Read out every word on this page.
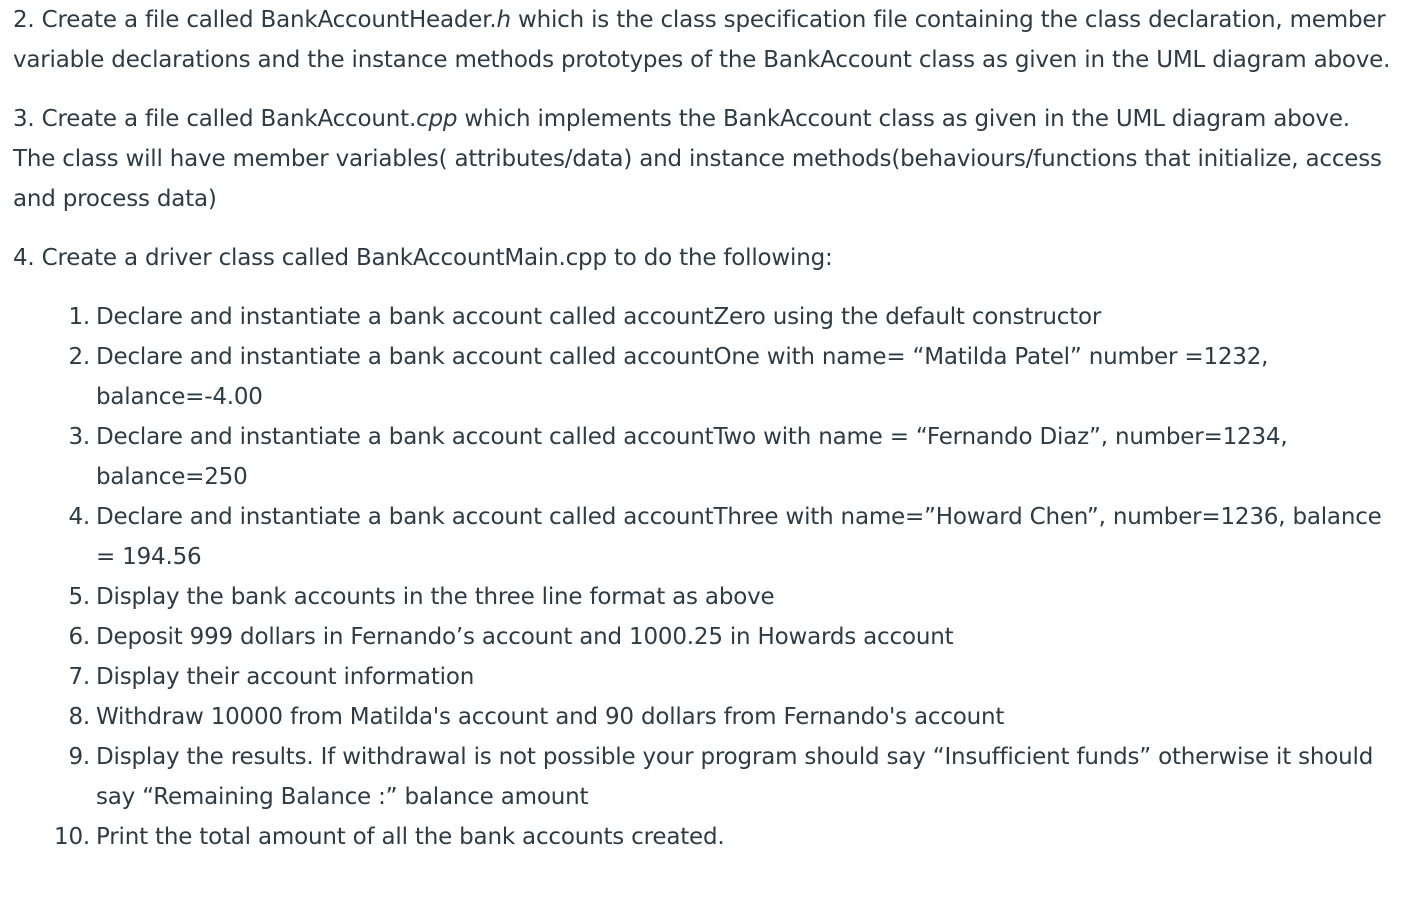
2. Create a file called BankAccountHeader.h which is the class specification file containing the class declaration, member variable declarations and the instance methods prototypes of the BankAccount class as given in the UML diagram above.

3. Create a file called BankAccount.cpp which implements the BankAccount class as given in the UML diagram above. The class will have member variables( attributes/data) and instance methods(behaviours/functions that initialize, access and process data)

4. Create a driver class called BankAccountMain.cpp to do the following:

1. Declare and instantiate a bank account called accountZero using the default constructor
2. Declare and instantiate a bank account called accountOne with name= “Matilda Patel” number =1232, balance=-4.00
3. Declare and instantiate a bank account called accountTwo with name = “Fernando Diaz”, number=1234, balance=250
4. Declare and instantiate a bank account called accountThree with name=”Howard Chen”, number=1236, balance = 194.56
5. Display the bank accounts in the three line format as above
6. Deposit 999 dollars in Fernando’s account and 1000.25 in Howards account
7. Display their account information
8. Withdraw 10000 from Matilda's account and 90 dollars from Fernando's account
9. Display the results. If withdrawal is not possible your program should say “Insufficient funds” otherwise it should say “Remaining Balance :” balance amount
10. Print the total amount of all the bank accounts created.
